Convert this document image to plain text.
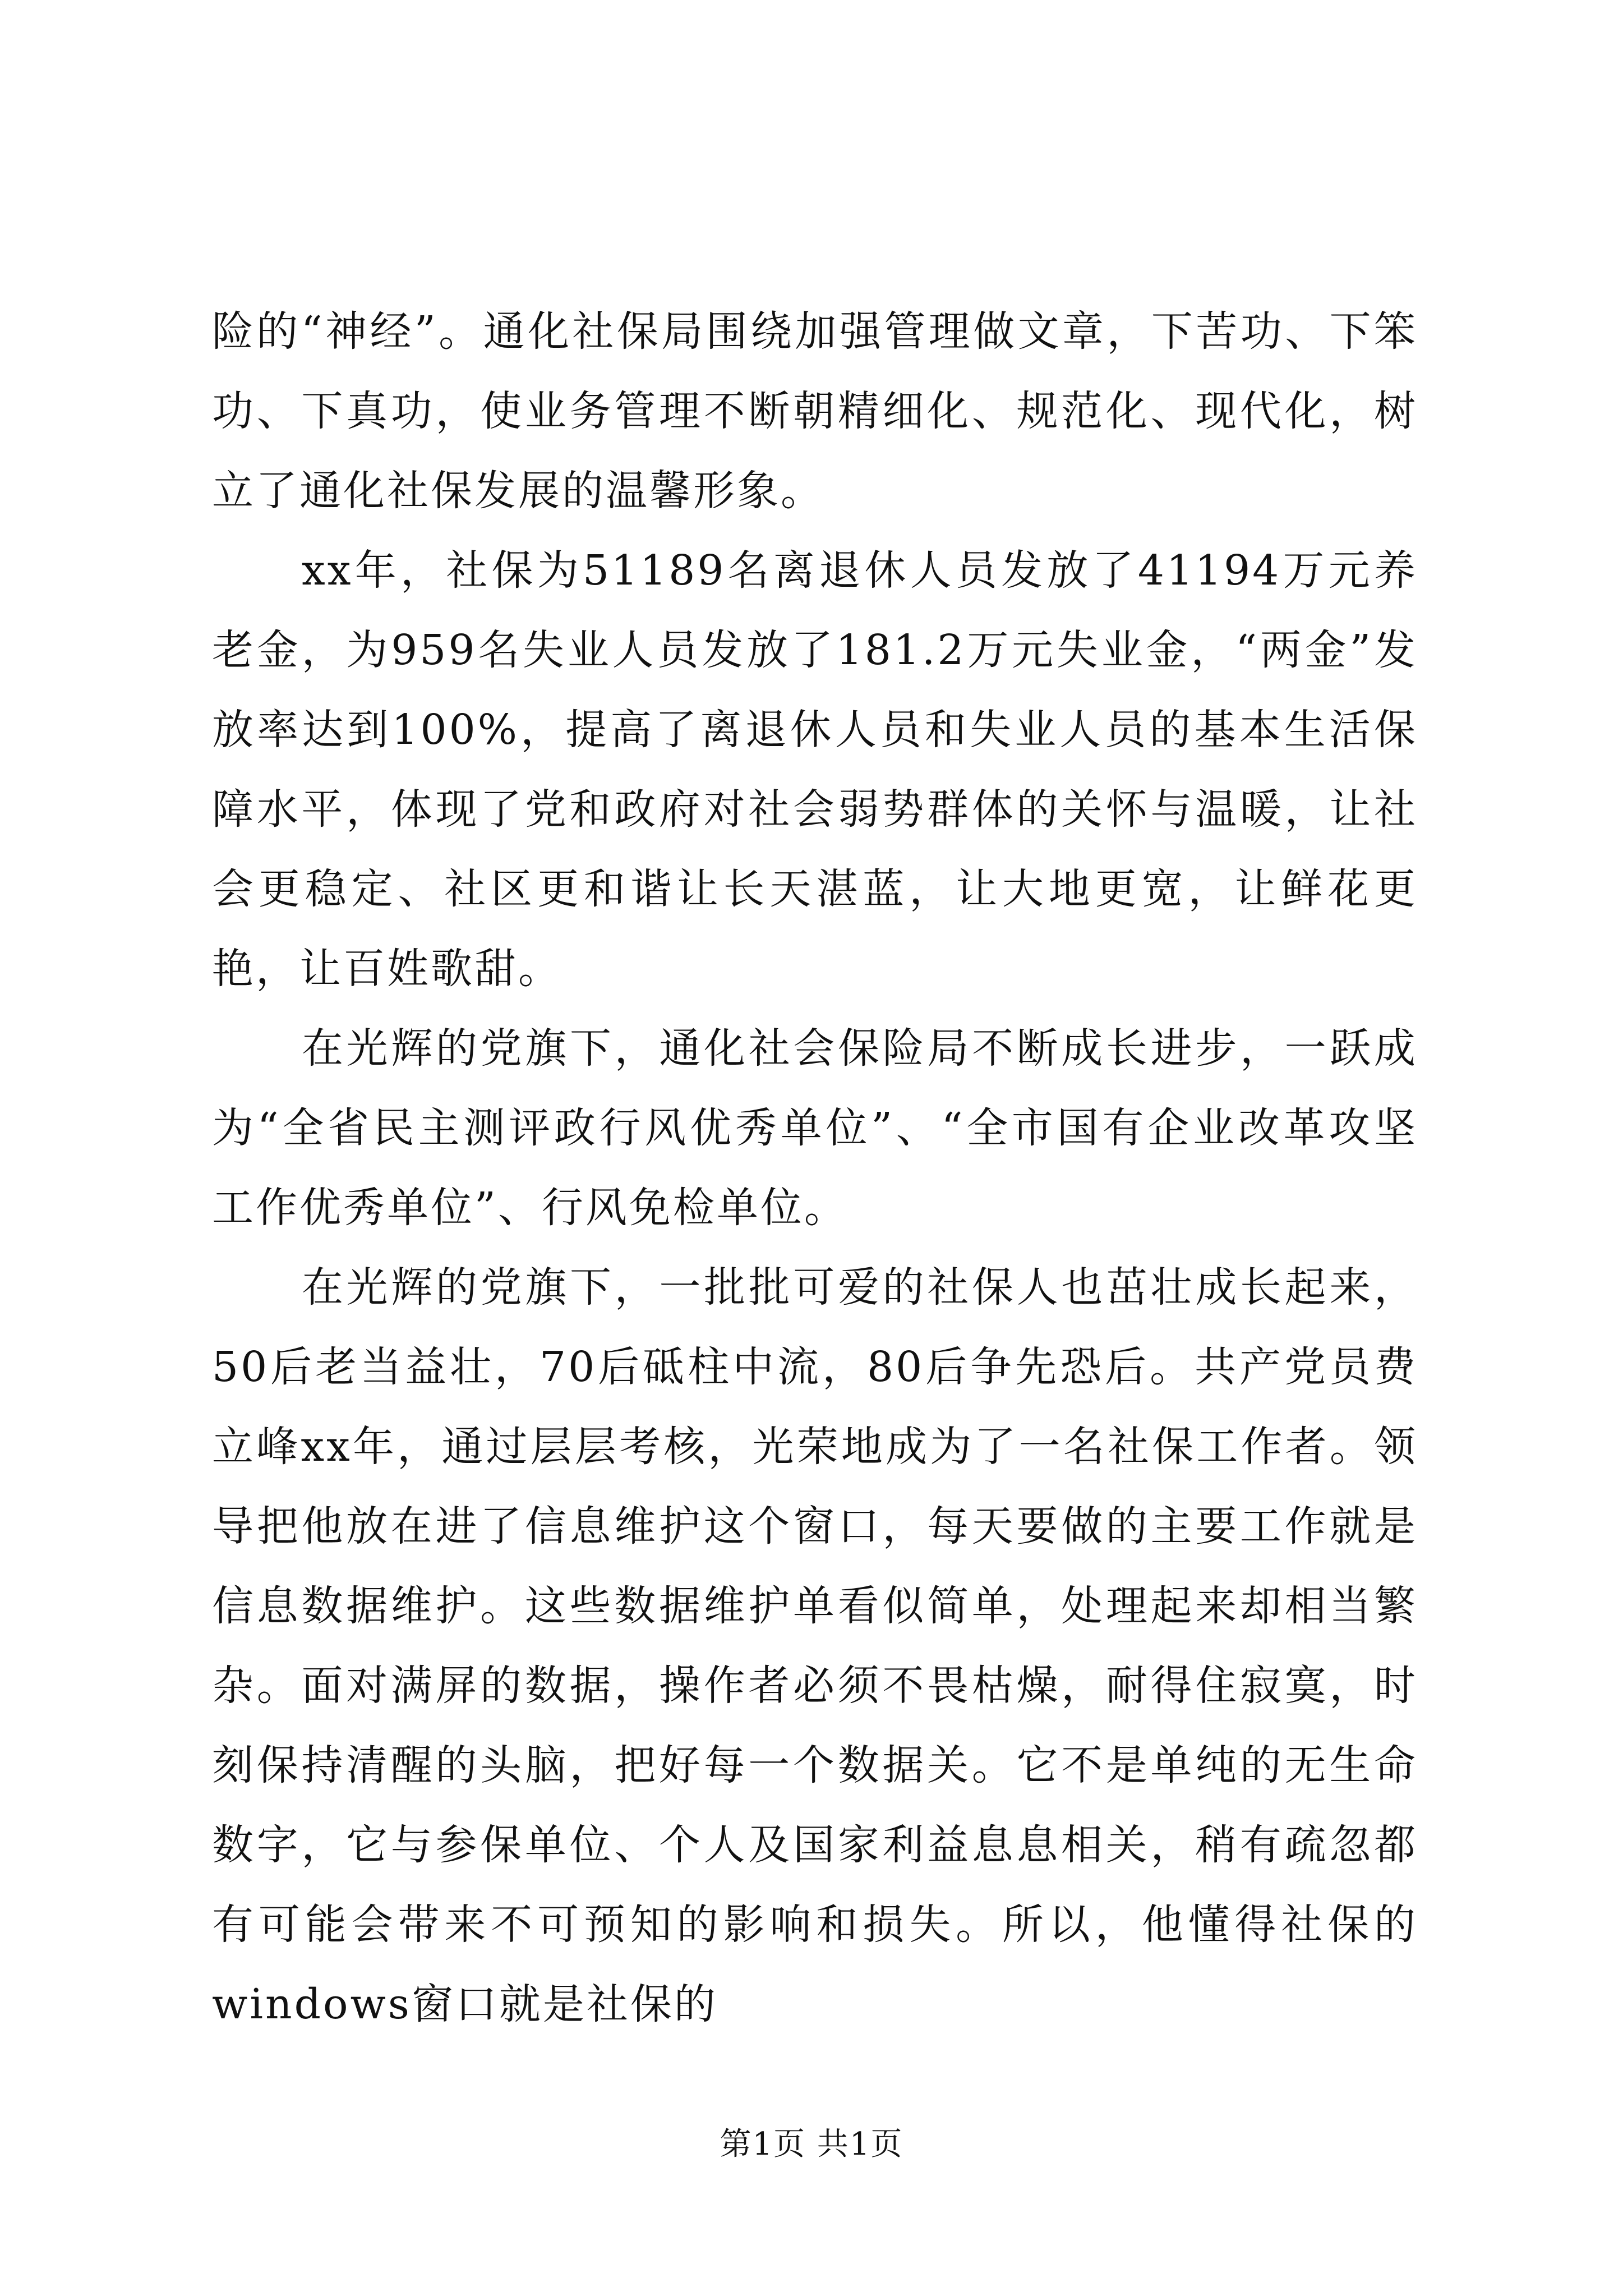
险的“神经”。通化社保局围绕加强管理做文章，下苦功、下笨功、下真功，使业务管理不断朝精细化、规范化、现代化，树立了通化社保发展的温馨形象。

xx年，社保为51189名离退休人员发放了41194万元养老金，为959名失业人员发放了181.2万元失业金，“两金”发放率达到100%，提高了离退休人员和失业人员的基本生活保障水平，体现了党和政府对社会弱势群体的关怀与温暖，让社会更稳定、社区更和谐让长天湛蓝，让大地更宽，让鲜花更艳，让百姓歌甜。

在光辉的党旗下，通化社会保险局不断成长进步，一跃成为“全省民主测评政行风优秀单位”、“全市国有企业改革攻坚工作优秀单位”、行风免检单位。

在光辉的党旗下，一批批可爱的社保人也茁壮成长起来，50后老当益壮，70后砥柱中流，80后争先恐后。共产党员费立峰xx年，通过层层考核，光荣地成为了一名社保工作者。领导把他放在进了信息维护这个窗口，每天要做的主要工作就是信息数据维护。这些数据维护单看似简单，处理起来却相当繁杂。面对满屏的数据，操作者必须不畏枯燥，耐得住寂寞，时刻保持清醒的头脑，把好每一个数据关。它不是单纯的无生命数字，它与参保单位、个人及国家利益息息相关，稍有疏忽都有可能会带来不可预知的影响和损失。所以，他懂得社保的windows窗口就是社保的

第1页 共1页
